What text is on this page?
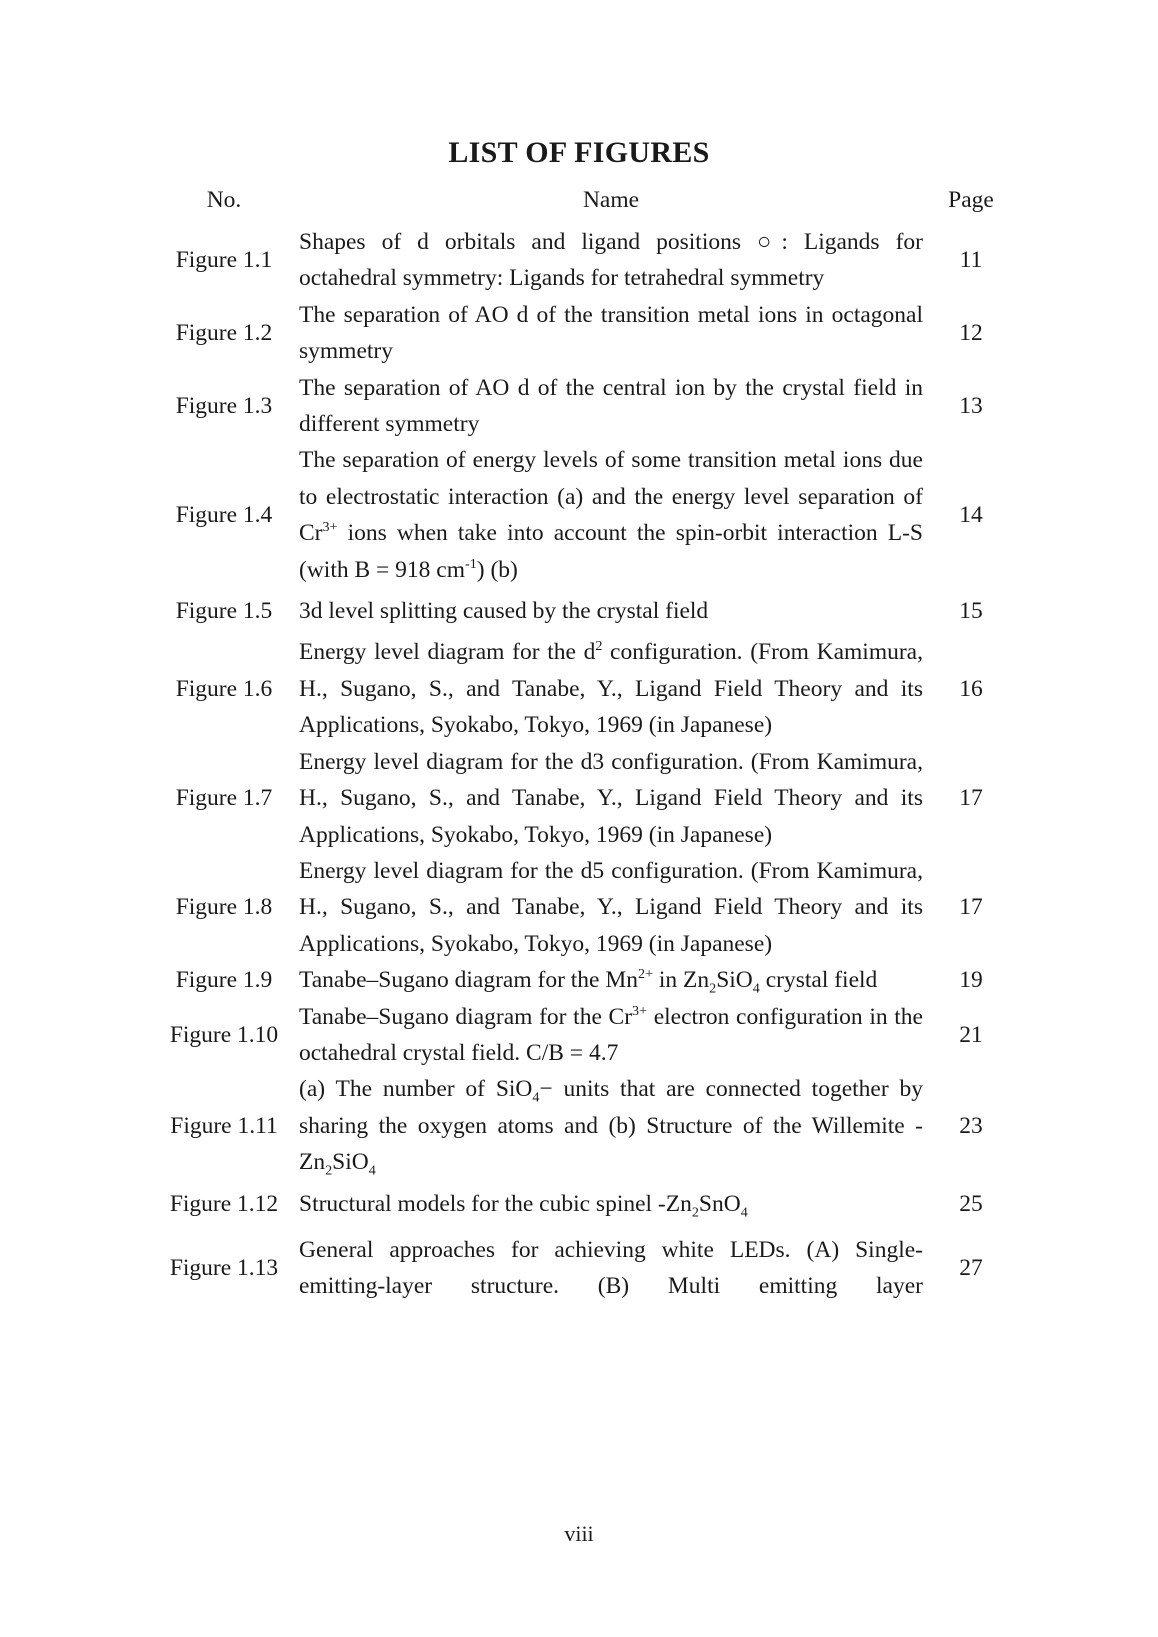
LIST OF FIGURES
No.	Name	Page
Figure 1.1	Shapes of d orbitals and ligand positions ○: Ligands for octahedral symmetry: Ligands for tetrahedral symmetry	11
Figure 1.2	The separation of AO d of the transition metal ions in octagonal symmetry	12
Figure 1.3	The separation of AO d of the central ion by the crystal field in different symmetry	13
Figure 1.4	The separation of energy levels of some transition metal ions due to electrostatic interaction (a) and the energy level separation of $Cr^{3+}$ ions when take into account the spin-orbit interaction L-S (with B = 918 $cm^{-1}$) (b)	14
Figure 1.5	3d level splitting caused by the crystal field	15
Figure 1.6	Energy level diagram for the $d^2$ configuration. (From Kamimura, H., Sugano, S., and Tanabe, Y., Ligand Field Theory and its Applications, Syokabo, Tokyo, 1969 (in Japanese)	16
Figure 1.7	Energy level diagram for the d3 configuration. (From Kamimura, H., Sugano, S., and Tanabe, Y., Ligand Field Theory and its Applications, Syokabo, Tokyo, 1969 (in Japanese)	17
Figure 1.8	Energy level diagram for the d5 configuration. (From Kamimura, H., Sugano, S., and Tanabe, Y., Ligand Field Theory and its Applications, Syokabo, Tokyo, 1969 (in Japanese)	17
Figure 1.9	Tanabe–Sugano diagram for the $Mn^{2+}$ in $Zn_2SiO_4$ crystal field	19
Figure 1.10	Tanabe–Sugano diagram for the $Cr^{3+}$ electron configuration in the octahedral crystal field. C/B = 4.7	21
Figure 1.11	(a) The number of SiO$_4$− units that are connected together by sharing the oxygen atoms and (b) Structure of the Willemite $-Zn_2SiO_4$	23
Figure 1.12	Structural models for the cubic spinel $-Zn_2SnO_4$	25
Figure 1.13	General approaches for achieving white LEDs. (A) Single-emitting-layer structure. (B) Multi emitting layer	27
viii
